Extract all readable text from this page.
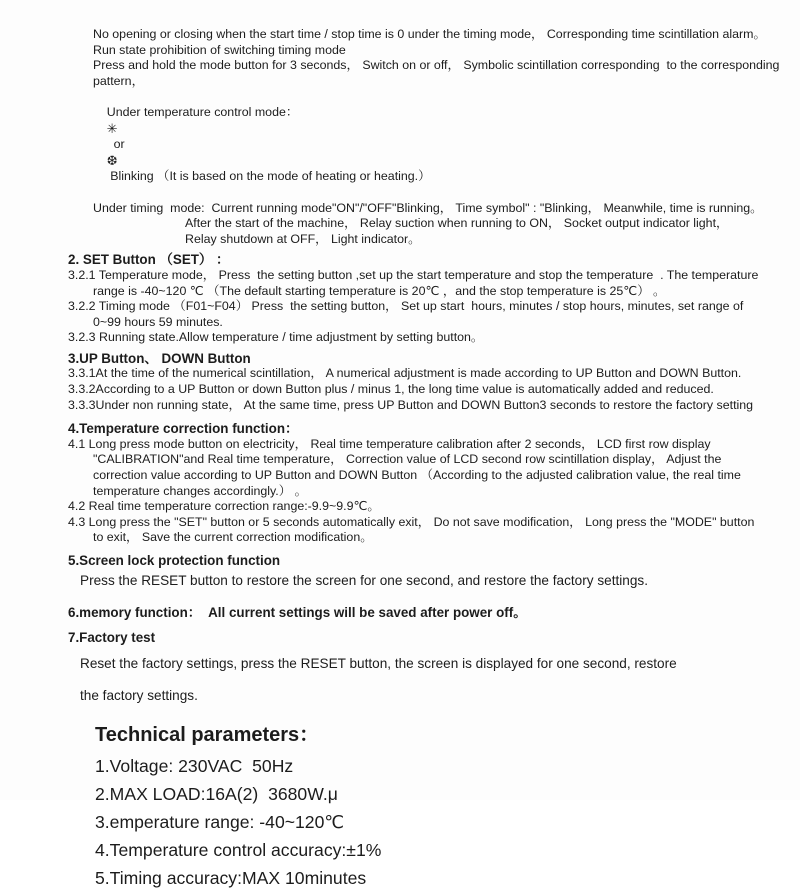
No opening or closing when the start time / stop time is 0 under the timing mode， Corresponding time scintillation alarm。
Run state prohibition of switching timing mode
Press and hold the mode button for 3 seconds， Switch on or off， Symbolic scintillation corresponding  to the corresponding
pattern，

Under temperature control mode：
✳
or
❆
Blinking （It is based on the mode of heating or heating.）

Under timing  mode:  Current running mode"ON"/"OFF"Blinking， Time symbol" : "Blinking， Meanwhile, time is running。
After the start of the machine， Relay suction when running to ON， Socket output indicator light，
Relay shutdown at OFF， Light indicator。
2. SET Button （SET） ：
3.2.1 Temperature mode， Press  the setting button ,set up the start temperature and stop the temperature  . The temperature
range is -40~120 ℃ （The default starting temperature is 20℃ ，and the stop temperature is 25℃） 。
3.2.2 Timing mode （F01~F04） Press  the setting button， Set up start  hours, minutes / stop hours, minutes, set range of
0~99 hours 59 minutes.
3.2.3 Running state.Allow temperature / time adjustment by setting button。
3.UP Button、 DOWN Button
3.3.1At the time of the numerical scintillation， A numerical adjustment is made according to UP Button and DOWN Button.
3.3.2According to a UP Button or down Button plus / minus 1, the long time value is automatically added and reduced.
3.3.3Under non running state， At the same time, press UP Button and DOWN Button3 seconds to restore the factory setting
4.Temperature correction function：
4.1 Long press mode button on electricity， Real time temperature calibration after 2 seconds， LCD first row display
"CALIBRATION"and Real time temperature， Correction value of LCD second row scintillation display， Adjust the
correction value according to UP Button and DOWN Button （According to the adjusted calibration value, the real time
temperature changes accordingly.） 。
4.2 Real time temperature correction range:-9.9~9.9℃。
4.3 Long press the "SET" button or 5 seconds automatically exit， Do not save modification， Long press the "MODE" button
to exit， Save the current correction modification。
5.Screen lock protection function
Press the RESET button to restore the screen for one second, and restore the factory settings.
6.memory function：  All current settings will be saved after power off。
7.Factory test
Reset the factory settings, press the RESET button, the screen is displayed for one second, restore
the factory settings.
Technical parameters：
1.Voltage: 230VAC  50Hz
2.MAX LOAD:16A(2)  3680W.μ
3.emperature range: -40~120℃
4.Temperature control accuracy:±1%
5.Timing accuracy:MAX 10minutes
